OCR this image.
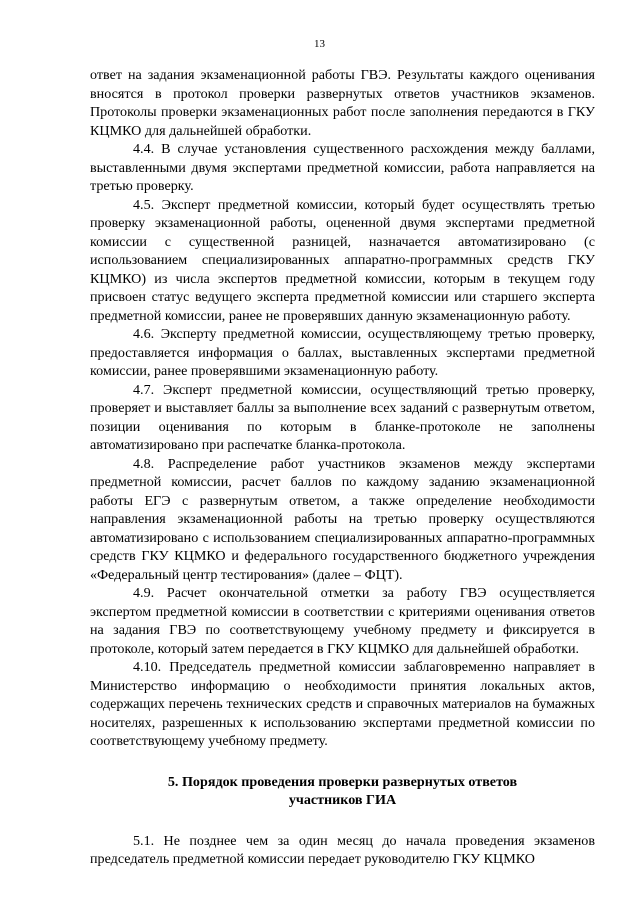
13

ответ на задания экзаменационной работы ГВЭ. Результаты каждого оценивания вносятся в протокол проверки развернутых ответов участников экзаменов. Протоколы проверки экзаменационных работ после заполнения передаются в ГКУ КЦМКО для дальнейшей обработки.

4.4. В случае установления существенного расхождения между баллами, выставленными двумя экспертами предметной комиссии, работа направляется на третью проверку.

4.5. Эксперт предметной комиссии, который будет осуществлять третью проверку экзаменационной работы, оцененной двумя экспертами предметной комиссии с существенной разницей, назначается автоматизировано (с использованием специализированных аппаратно-программных средств ГКУ КЦМКО) из числа экспертов предметной комиссии, которым в текущем году присвоен статус ведущего эксперта предметной комиссии или старшего эксперта предметной комиссии, ранее не проверявших данную экзаменационную работу.

4.6. Эксперту предметной комиссии, осуществляющему третью проверку, предоставляется информация о баллах, выставленных экспертами предметной комиссии, ранее проверявшими экзаменационную работу.

4.7. Эксперт предметной комиссии, осуществляющий третью проверку, проверяет и выставляет баллы за выполнение всех заданий с развернутым ответом, позиции оценивания по которым в бланке-протоколе не заполнены автоматизировано при распечатке бланка-протокола.

4.8. Распределение работ участников экзаменов между экспертами предметной комиссии, расчет баллов по каждому заданию экзаменационной работы ЕГЭ с развернутым ответом, а также определение необходимости направления экзаменационной работы на третью проверку осуществляются автоматизировано с использованием специализированных аппаратно-программных средств ГКУ КЦМКО и федерального государственного бюджетного учреждения «Федеральный центр тестирования» (далее – ФЦТ).

4.9. Расчет окончательной отметки за работу ГВЭ осуществляется экспертом предметной комиссии в соответствии с критериями оценивания ответов на задания ГВЭ по соответствующему учебному предмету и фиксируется в протоколе, который затем передается в ГКУ КЦМКО для дальнейшей обработки.

4.10. Председатель предметной комиссии заблаговременно направляет в Министерство информацию о необходимости принятия локальных актов, содержащих перечень технических средств и справочных материалов на бумажных носителях, разрешенных к использованию экспертами предметной комиссии по соответствующему учебному предмету.

5. Порядок проведения проверки развернутых ответов
участников ГИА

5.1. Не позднее чем за один месяц до начала проведения экзаменов председатель предметной комиссии передает руководителю ГКУ КЦМКО
